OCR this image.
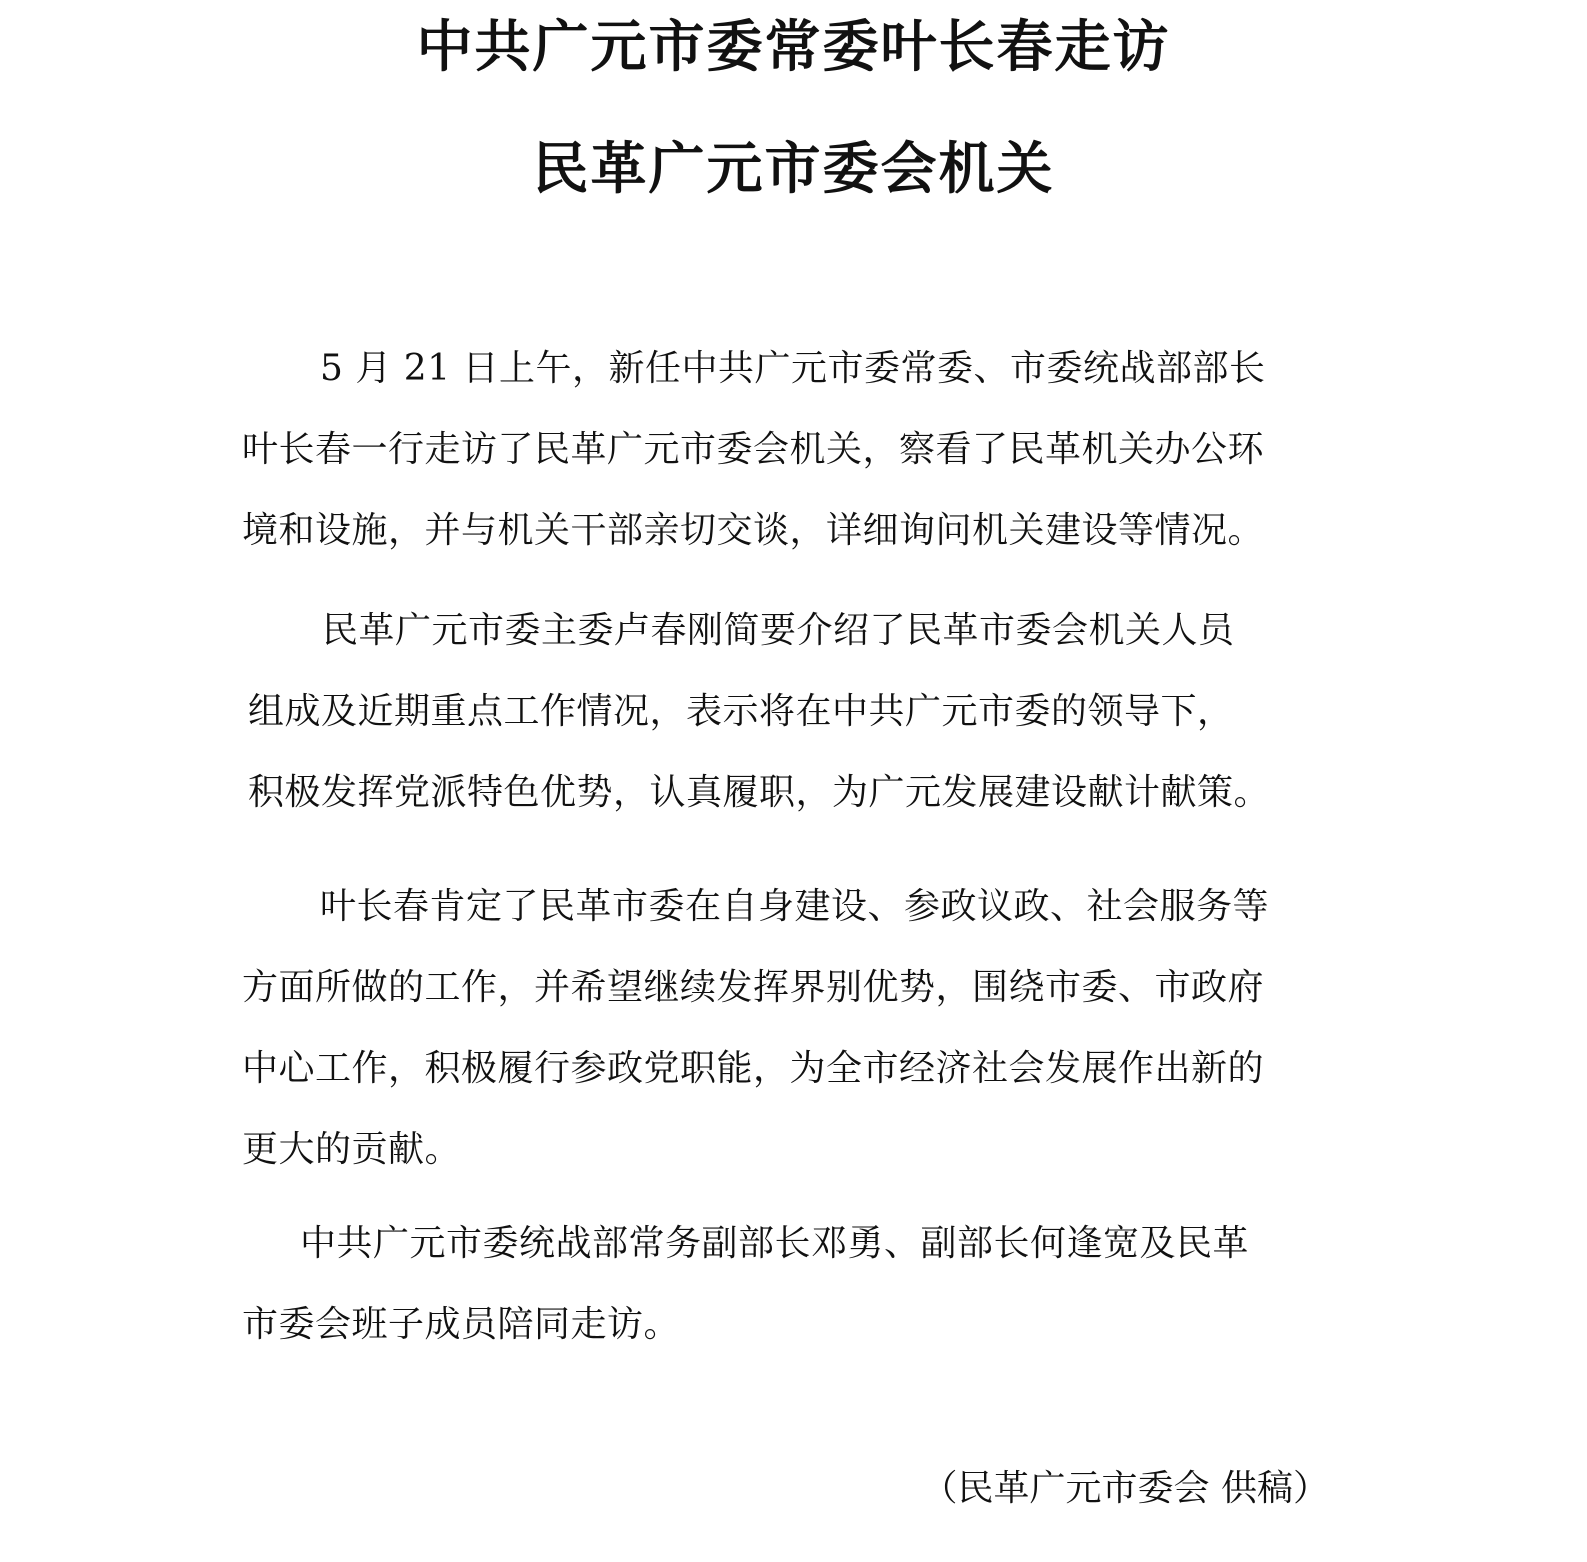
中共广元市委常委叶长春走访
民革广元市委会机关
5 月 21 日上午，新任中共广元市委常委、市委统战部部长
叶长春一行走访了民革广元市委会机关，察看了民革机关办公环
境和设施，并与机关干部亲切交谈，详细询问机关建设等情况。
民革广元市委主委卢春刚简要介绍了民革市委会机关人员
组成及近期重点工作情况，表示将在中共广元市委的领导下，
积极发挥党派特色优势，认真履职，为广元发展建设献计献策。
叶长春肯定了民革市委在自身建设、参政议政、社会服务等
方面所做的工作，并希望继续发挥界别优势，围绕市委、市政府
中心工作，积极履行参政党职能，为全市经济社会发展作出新的
更大的贡献。
中共广元市委统战部常务副部长邓勇、副部长何逢宽及民革
市委会班子成员陪同走访。
（民革广元市委会 供稿）
